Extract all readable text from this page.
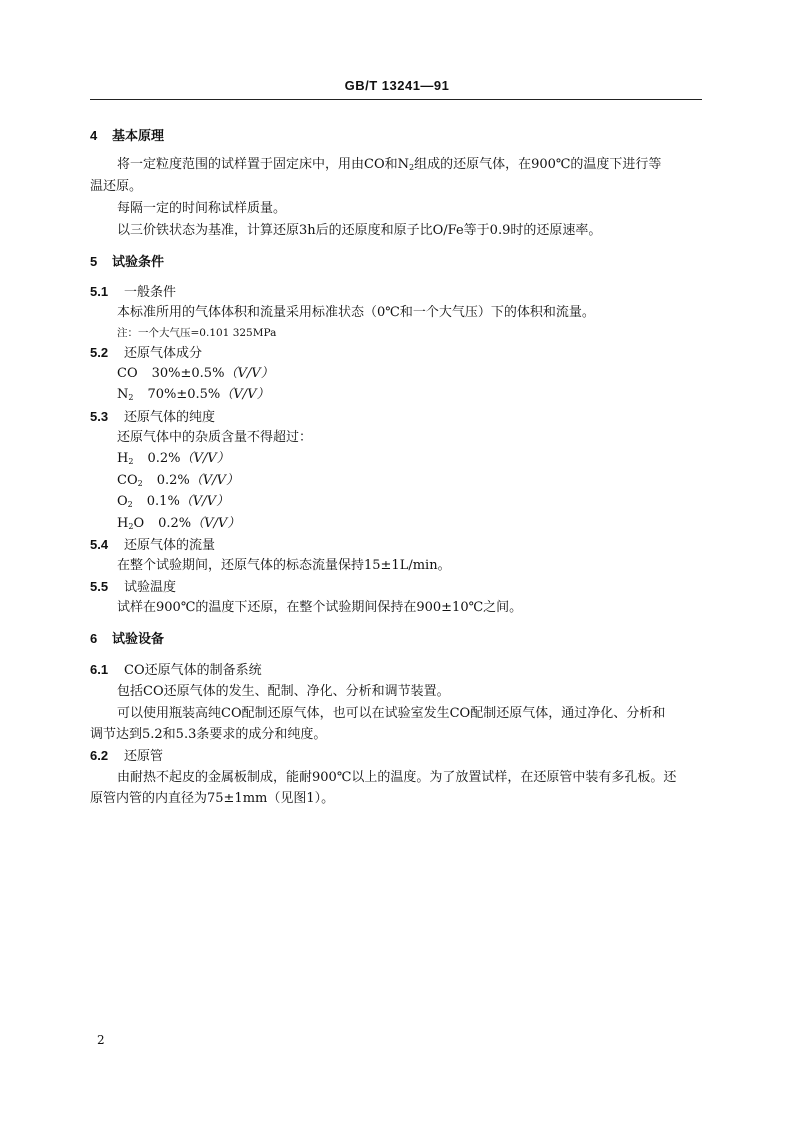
GB/T 13241—91
4 基本原理
将一定粒度范围的试样置于固定床中，用由CO和$N_2$组成的还原气体，在900℃的温度下进行等
温还原。
每隔一定的时间称试样质量。
以三价铁状态为基准，计算还原3h后的还原度和原子比O/Fe等于0.9时的还原速率。
5 试验条件
5.1 一般条件
本标准所用的气体体积和流量采用标准状态（0℃和一个大气压）下的体积和流量。
注：一个大气压=0.101 325MPa
5.2 还原气体成分
CO 30%±0.5%（V/V）
$N_2$ 70%±0.5%（V/V）
5.3 还原气体的纯度
还原气体中的杂质含量不得超过：
$H_2$ 0.2%（V/V）
$CO_2$ 0.2%（V/V）
$O_2$ 0.1%（V/V）
$H_2O$ 0.2%（V/V）
5.4 还原气体的流量
在整个试验期间，还原气体的标态流量保持15±1L/min。
5.5 试验温度
试样在900℃的温度下还原，在整个试验期间保持在900±10℃之间。
6 试验设备
6.1 CO还原气体的制备系统
包括CO还原气体的发生、配制、净化、分析和调节装置。
可以使用瓶装高纯CO配制还原气体，也可以在试验室发生CO配制还原气体，通过净化、分析和
调节达到5.2和5.3条要求的成分和纯度。
6.2 还原管
由耐热不起皮的金属板制成，能耐900℃以上的温度。为了放置试样，在还原管中装有多孔板。还
原管内管的内直径为75±1mm（见图1）。
2
